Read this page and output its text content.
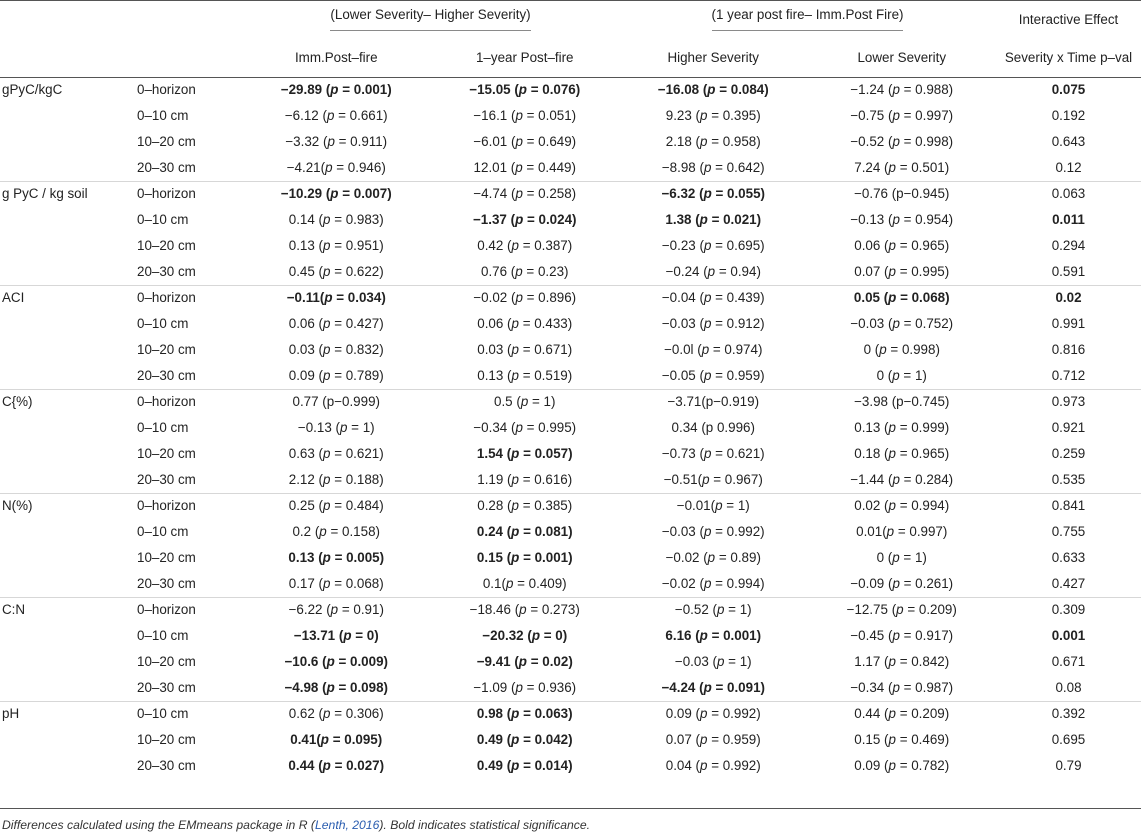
		(Lower Severity– Higher Severity)		(1 year post fire– Imm.Post Fire)		Interactive Effect
		Imm.Post–fire	1–year Post–fire	Higher Severity	Lower Severity	Severity x Time p–val
gPyC/kgC	0–horizon	−29.89 (p = 0.001)	−15.05 (p = 0.076)	−16.08 (p = 0.084)	−1.24 (p = 0.988)	0.075
	0–10 cm	−6.12 (p = 0.661)	−16.1 (p = 0.051)	9.23 (p = 0.395)	−0.75 (p = 0.997)	0.192
	10–20 cm	−3.32 (p = 0.911)	−6.01 (p = 0.649)	2.18 (p = 0.958)	−0.52 (p = 0.998)	0.643
	20–30 cm	−4.21(p = 0.946)	12.01 (p = 0.449)	−8.98 (p = 0.642)	7.24 (p = 0.501)	0.12
g PyC / kg soil	0–horizon	−10.29 (p = 0.007)	−4.74 (p = 0.258)	−6.32 (p = 0.055)	−0.76 (p−0.945)	0.063
	0–10 cm	0.14 (p = 0.983)	−1.37 (p = 0.024)	1.38 (p = 0.021)	−0.13 (p = 0.954)	0.011
	10–20 cm	0.13 (p = 0.951)	0.42 (p = 0.387)	−0.23 (p = 0.695)	0.06 (p = 0.965)	0.294
	20–30 cm	0.45 (p = 0.622)	0.76 (p = 0.23)	−0.24 (p = 0.94)	0.07 (p = 0.995)	0.591
ACI	0–horizon	−0.11(p = 0.034)	−0.02 (p = 0.896)	−0.04 (p = 0.439)	0.05 (p = 0.068)	0.02
	0–10 cm	0.06 (p = 0.427)	0.06 (p = 0.433)	−0.03 (p = 0.912)	−0.03 (p = 0.752)	0.991
	10–20 cm	0.03 (p = 0.832)	0.03 (p = 0.671)	−0.0l (p = 0.974)	0 (p = 0.998)	0.816
	20–30 cm	0.09 (p = 0.789)	0.13 (p = 0.519)	−0.05 (p = 0.959)	0 (p = 1)	0.712
C{%)	0–horizon	0.77 (p−0.999)	0.5 (p = 1)	−3.71(p−0.919)	−3.98 (p−0.745)	0.973
	0–10 cm	−0.13 (p = 1)	−0.34 (p = 0.995)	0.34 (p 0.996)	0.13 (p = 0.999)	0.921
	10–20 cm	0.63 (p = 0.621)	1.54 (p = 0.057)	−0.73 (p = 0.621)	0.18 (p = 0.965)	0.259
	20–30 cm	2.12 (p = 0.188)	1.19 (p = 0.616)	−0.51(p = 0.967)	−1.44 (p = 0.284)	0.535
N(%)	0–horizon	0.25 (p = 0.484)	0.28 (p = 0.385)	−0.01(p = 1)	0.02 (p = 0.994)	0.841
	0–10 cm	0.2 (p = 0.158)	0.24 (p = 0.081)	−0.03 (p = 0.992)	0.01(p = 0.997)	0.755
	10–20 cm	0.13 (p = 0.005)	0.15 (p = 0.001)	−0.02 (p = 0.89)	0 (p = 1)	0.633
	20–30 cm	0.17 (p = 0.068)	0.1(p = 0.409)	−0.02 (p = 0.994)	−0.09 (p = 0.261)	0.427
C:N	0–horizon	−6.22 (p = 0.91)	−18.46 (p = 0.273)	−0.52 (p = 1)	−12.75 (p = 0.209)	0.309
	0–10 cm	−13.71 (p = 0)	−20.32 (p = 0)	6.16 (p = 0.001)	−0.45 (p = 0.917)	0.001
	10–20 cm	−10.6 (p = 0.009)	−9.41 (p = 0.02)	−0.03 (p = 1)	1.17 (p = 0.842)	0.671
	20–30 cm	−4.98 (p = 0.098)	−1.09 (p = 0.936)	−4.24 (p = 0.091)	−0.34 (p = 0.987)	0.08
pH	0–10 cm	0.62 (p = 0.306)	0.98 (p = 0.063)	0.09 (p = 0.992)	0.44 (p = 0.209)	0.392
	10–20 cm	0.41(p = 0.095)	0.49 (p = 0.042)	0.07 (p = 0.959)	0.15 (p = 0.469)	0.695
	20–30 cm	0.44 (p = 0.027)	0.49 (p = 0.014)	0.04 (p = 0.992)	0.09 (p = 0.782)	0.79
Differences calculated using the EMmeans package in R (Lenth, 2016). Bold indicates statistical significance.
